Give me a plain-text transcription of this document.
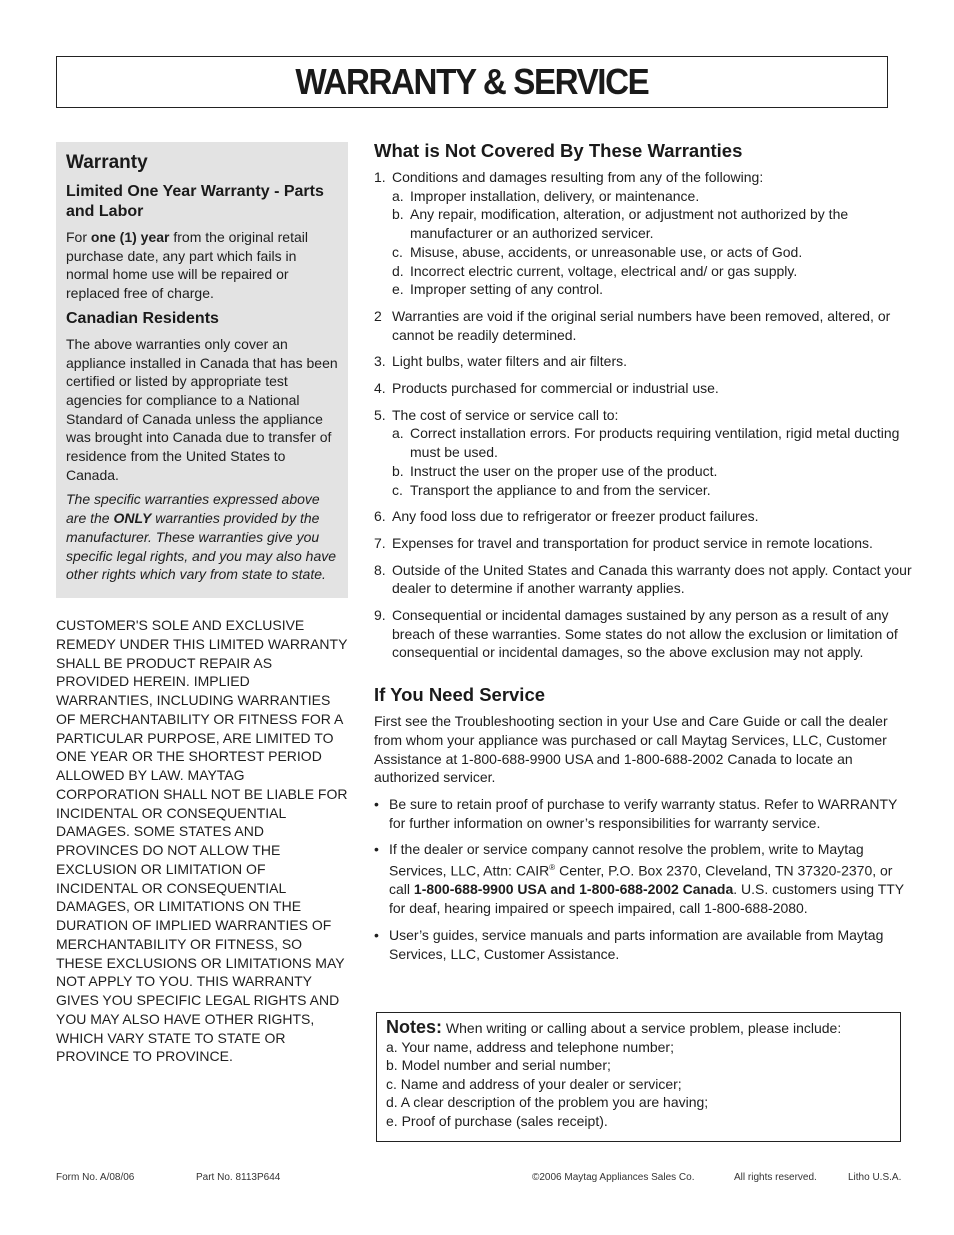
WARRANTY & SERVICE
Warranty
Limited One Year Warranty - Parts and Labor

For one (1) year from the original retail purchase date, any part which fails in normal home use will be repaired or replaced free of charge.

Canadian Residents

The above warranties only cover an appliance installed in Canada that has been certified or listed by appropriate test agencies for compliance to a National Standard of Canada unless the appliance was brought into Canada due to transfer of residence from the United States to Canada.

The specific warranties expressed above are the ONLY warranties provided by the manufacturer. These warranties give you specific legal rights, and you may also have other rights which vary from state to state.

CUSTOMER'S SOLE AND EXCLUSIVE REMEDY UNDER THIS LIMITED WARRANTY SHALL BE PRODUCT REPAIR AS PROVIDED HEREIN. IMPLIED WARRANTIES, INCLUDING WARRANTIES OF MERCHANTABILITY OR FITNESS FOR A PARTICULAR PURPOSE, ARE LIMITED TO ONE YEAR OR THE SHORTEST PERIOD ALLOWED BY LAW. MAYTAG CORPORATION SHALL NOT BE LIABLE FOR INCIDENTAL OR CONSEQUENTIAL DAMAGES. SOME STATES AND PROVINCES DO NOT ALLOW THE EXCLUSION OR LIMITATION OF INCIDENTAL OR CONSEQUENTIAL DAMAGES, OR LIMITATIONS ON THE DURATION OF IMPLIED WARRANTIES OF MERCHANTABILITY OR FITNESS, SO THESE EXCLUSIONS OR LIMITATIONS MAY NOT APPLY TO YOU. THIS WARRANTY GIVES YOU SPECIFIC LEGAL RIGHTS AND YOU MAY ALSO HAVE OTHER RIGHTS, WHICH VARY STATE TO STATE OR PROVINCE TO PROVINCE.

What is Not Covered By These Warranties
1. Conditions and damages resulting from any of the following:
a. Improper installation, delivery, or maintenance.
b. Any repair, modification, alteration, or adjustment not authorized by the manufacturer or an authorized servicer.
c. Misuse, abuse, accidents, or unreasonable use, or acts of God.
d. Incorrect electric current, voltage, electrical and/ or gas supply.
e. Improper setting of any control.
2 Warranties are void if the original serial numbers have been removed, altered, or cannot be readily determined.
3. Light bulbs, water filters and air filters.
4. Products purchased for commercial or industrial use.
5. The cost of service or service call to:
a. Correct installation errors. For products requiring ventilation, rigid metal ducting must be used.
b. Instruct the user on the proper use of the product.
c. Transport the appliance to and from the servicer.
6. Any food loss due to refrigerator or freezer product failures.
7. Expenses for travel and transportation for product service in remote locations.
8. Outside of the United States and Canada this warranty does not apply. Contact your dealer to determine if another warranty applies.
9. Consequential or incidental damages sustained by any person as a result of any breach of these warranties. Some states do not allow the exclusion or limitation of consequential or incidental damages, so the above exclusion may not apply.
If You Need Service

First see the Troubleshooting section in your Use and Care Guide or call the dealer from whom your appliance was purchased or call Maytag Services, LLC, Customer Assistance at 1-800-688-9900 USA and 1-800-688-2002 Canada to locate an authorized servicer.

• Be sure to retain proof of purchase to verify warranty status. Refer to WARRANTY for further information on owner’s responsibilities for warranty service.
• If the dealer or service company cannot resolve the problem, write to Maytag Services, LLC, Attn: CAIR® Center, P.O. Box 2370, Cleveland, TN 37320-2370, or call 1-800-688-9900 USA and 1-800-688-2002 Canada. U.S. customers using TTY for deaf, hearing impaired or speech impaired, call 1-800-688-2080.
• User’s guides, service manuals and parts information are available from Maytag Services, LLC, Customer Assistance.
Notes: When writing or calling about a service problem, please include:
a. Your name, address and telephone number;
b. Model number and serial number;
c. Name and address of your dealer or servicer;
d. A clear description of the problem you are having;
e. Proof of purchase (sales receipt).
Form No. A/08/06	Part No. 8113P644	©2006 Maytag Appliances Sales Co.	All rights reserved.	Litho U.S.A.
